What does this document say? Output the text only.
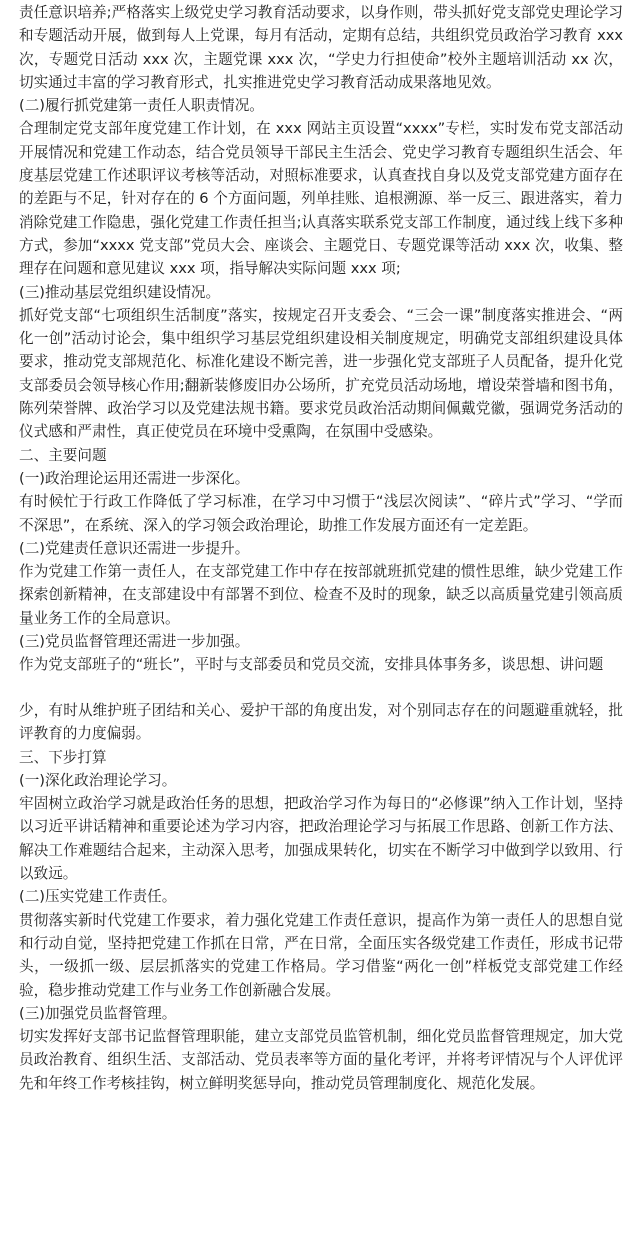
责任意识培养;严格落实上级党史学习教育活动要求，以身作则，带头抓好党支部党史理论学习和专题活动开展，做到每人上党课，每月有活动，定期有总结，共组织党员政治学习教育 xxx 次，专题党日活动 xxx 次，主题党课 xxx 次，“学史力行担使命”校外主题培训活动 xx 次，切实通过丰富的学习教育形式，扎实推进党史学习教育活动成果落地见效。

(二)履行抓党建第一责任人职责情况。

合理制定党支部年度党建工作计划，在 xxx 网站主页设置“xxxx”专栏，实时发布党支部活动开展情况和党建工作动态，结合党员领导干部民主生活会、党史学习教育专题组织生活会、年度基层党建工作述职评议考核等活动，对照标准要求，认真查找自身以及党支部党建方面存在的差距与不足，针对存在的 6 个方面问题，列单挂账、追根溯源、举一反三、跟进落实，着力消除党建工作隐患，强化党建工作责任担当;认真落实联系党支部工作制度，通过线上线下多种方式，参加“xxxx 党支部”党员大会、座谈会、主题党日、专题党课等活动 xxx 次，收集、整理存在问题和意见建议 xxx 项，指导解决实际问题 xxx 项;

(三)推动基层党组织建设情况。

抓好党支部“七项组织生活制度”落实，按规定召开支委会、“三会一课”制度落实推进会、“两化一创”活动讨论会，集中组织学习基层党组织建设相关制度规定，明确党支部组织建设具体要求，推动党支部规范化、标准化建设不断完善，进一步强化党支部班子人员配备，提升化党支部委员会领导核心作用;翻新装修废旧办公场所，扩充党员活动场地，增设荣誉墙和图书角，陈列荣誉牌、政治学习以及党建法规书籍。要求党员政治活动期间佩戴党徽，强调党务活动的仪式感和严肃性，真正使党员在环境中受熏陶，在氛围中受感染。

二、主要问题

(一)政治理论运用还需进一步深化。

有时候忙于行政工作降低了学习标准，在学习中习惯于“浅层次阅读”、“碎片式”学习、“学而不深思”，在系统、深入的学习领会政治理论，助推工作发展方面还有一定差距。

(二)党建责任意识还需进一步提升。

作为党建工作第一责任人，在支部党建工作中存在按部就班抓党建的惯性思维，缺少党建工作探索创新精神，在支部建设中有部署不到位、检查不及时的现象，缺乏以高质量党建引领高质量业务工作的全局意识。

(三)党员监督管理还需进一步加强。

作为党支部班子的“班长”，平时与支部委员和党员交流，安排具体事务多，谈思想、讲问题

少，有时从维护班子团结和关心、爱护干部的角度出发，对个别同志存在的问题避重就轻，批评教育的力度偏弱。

三、下步打算

(一)深化政治理论学习。

牢固树立政治学习就是政治任务的思想，把政治学习作为每日的“必修课”纳入工作计划，坚持以习近平讲话精神和重要论述为学习内容，把政治理论学习与拓展工作思路、创新工作方法、解决工作难题结合起来，主动深入思考，加强成果转化，切实在不断学习中做到学以致用、行以致远。

(二)压实党建工作责任。

贯彻落实新时代党建工作要求，着力强化党建工作责任意识，提高作为第一责任人的思想自觉和行动自觉，坚持把党建工作抓在日常，严在日常，全面压实各级党建工作责任，形成书记带头，一级抓一级、层层抓落实的党建工作格局。学习借鉴“两化一创”样板党支部党建工作经验，稳步推动党建工作与业务工作创新融合发展。

(三)加强党员监督管理。

切实发挥好支部书记监督管理职能，建立支部党员监管机制，细化党员监督管理规定，加大党员政治教育、组织生活、支部活动、党员表率等方面的量化考评，并将考评情况与个人评优评先和年终工作考核挂钩，树立鲜明奖惩导向，推动党员管理制度化、规范化发展。
